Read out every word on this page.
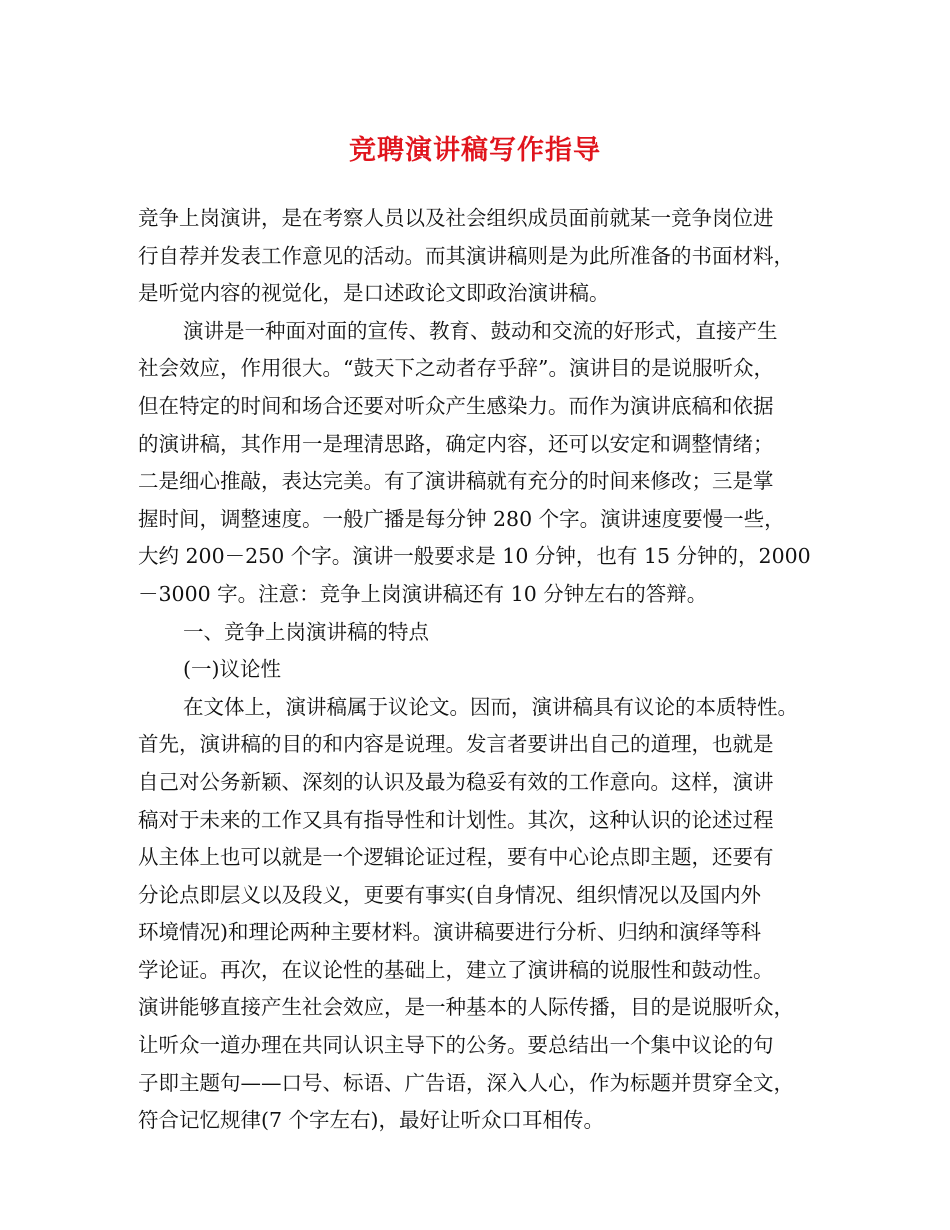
竞聘演讲稿写作指导
竞争上岗演讲，是在考察人员以及社会组织成员面前就某一竞争岗位进
行自荐并发表工作意见的活动。而其演讲稿则是为此所准备的书面材料，
是听觉内容的视觉化，是口述政论文即政治演讲稿。
演讲是一种面对面的宣传、教育、鼓动和交流的好形式，直接产生
社会效应，作用很大。“鼓天下之动者存乎辞”。演讲目的是说服听众，
但在特定的时间和场合还要对听众产生感染力。而作为演讲底稿和依据
的演讲稿，其作用一是理清思路，确定内容，还可以安定和调整情绪；
二是细心推敲，表达完美。有了演讲稿就有充分的时间来修改；三是掌
握时间，调整速度。一般广播是每分钟 280 个字。演讲速度要慢一些，
大约 200－250 个字。演讲一般要求是 10 分钟，也有 15 分钟的，2000
－3000 字。注意：竞争上岗演讲稿还有 10 分钟左右的答辩。
一、竞争上岗演讲稿的特点
(一)议论性
在文体上，演讲稿属于议论文。因而，演讲稿具有议论的本质特性。
首先，演讲稿的目的和内容是说理。发言者要讲出自己的道理，也就是
自己对公务新颖、深刻的认识及最为稳妥有效的工作意向。这样，演讲
稿对于未来的工作又具有指导性和计划性。其次，这种认识的论述过程
从主体上也可以就是一个逻辑论证过程，要有中心论点即主题，还要有
分论点即层义以及段义，更要有事实(自身情况、组织情况以及国内外
环境情况)和理论两种主要材料。演讲稿要进行分析、归纳和演绎等科
学论证。再次，在议论性的基础上，建立了演讲稿的说服性和鼓动性。
演讲能够直接产生社会效应，是一种基本的人际传播，目的是说服听众，
让听众一道办理在共同认识主导下的公务。要总结出一个集中议论的句
子即主题句——口号、标语、广告语，深入人心，作为标题并贯穿全文，
符合记忆规律(7 个字左右)，最好让听众口耳相传。
